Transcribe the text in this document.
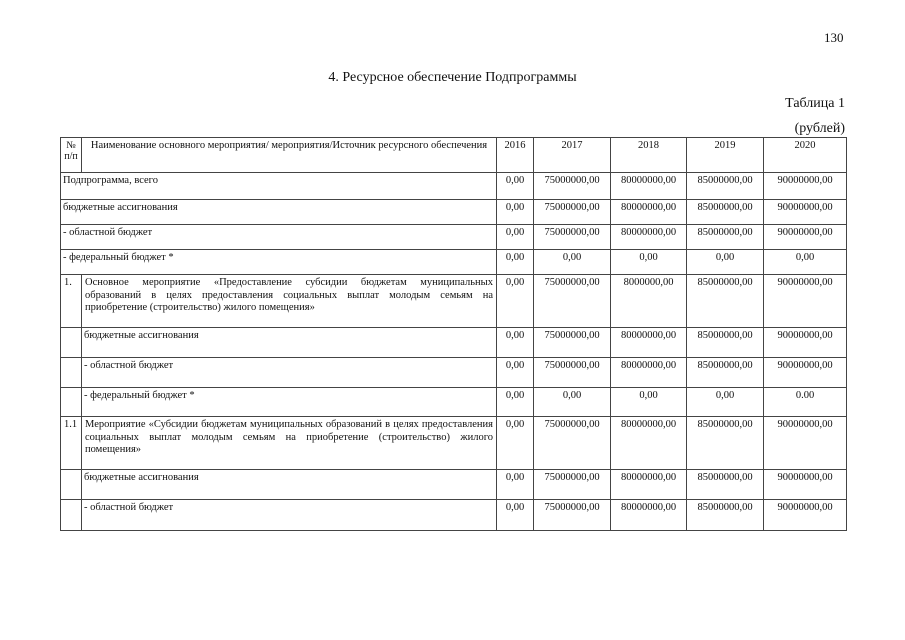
130
4. Ресурсное обеспечение Подпрограммы
Таблица 1
(рублей)
№ п/п	Наименование основного мероприятия/ мероприятия/Источник ресурсного обеспечения	2016	2017	2018	2019	2020
Подпрограмма, всего		0,00	75000000,00	80000000,00	85000000,00	90000000,00
бюджетные ассигнования		0,00	75000000,00	80000000,00	85000000,00	90000000,00
- областной бюджет		0,00	75000000,00	80000000,00	85000000,00	90000000,00
- федеральный бюджет *		0,00	0,00	0,00	0,00	0,00
1.	Основное мероприятие «Предоставление субсидии бюджетам муниципальных образований в целях предоставления социальных выплат молодым семьям на приобретение (строительство) жилого помещения»	0,00	75000000,00	8000000,00	85000000,00	90000000,00
	бюджетные ассигнования	0,00	75000000,00	80000000,00	85000000,00	90000000,00
	- областной бюджет	0,00	75000000,00	80000000,00	85000000,00	90000000,00
	- федеральный бюджет *	0,00	0,00	0,00	0,00	0.00
1.1	Мероприятие «Субсидии бюджетам муниципальных образований в целях предоставления социальных выплат молодым семьям на приобретение (строительство) жилого помещения»	0,00	75000000,00	80000000,00	85000000,00	90000000,00
	бюджетные ассигнования	0,00	75000000,00	80000000,00	85000000,00	90000000,00
	- областной бюджет	0,00	75000000,00	80000000,00	85000000,00	90000000,00
